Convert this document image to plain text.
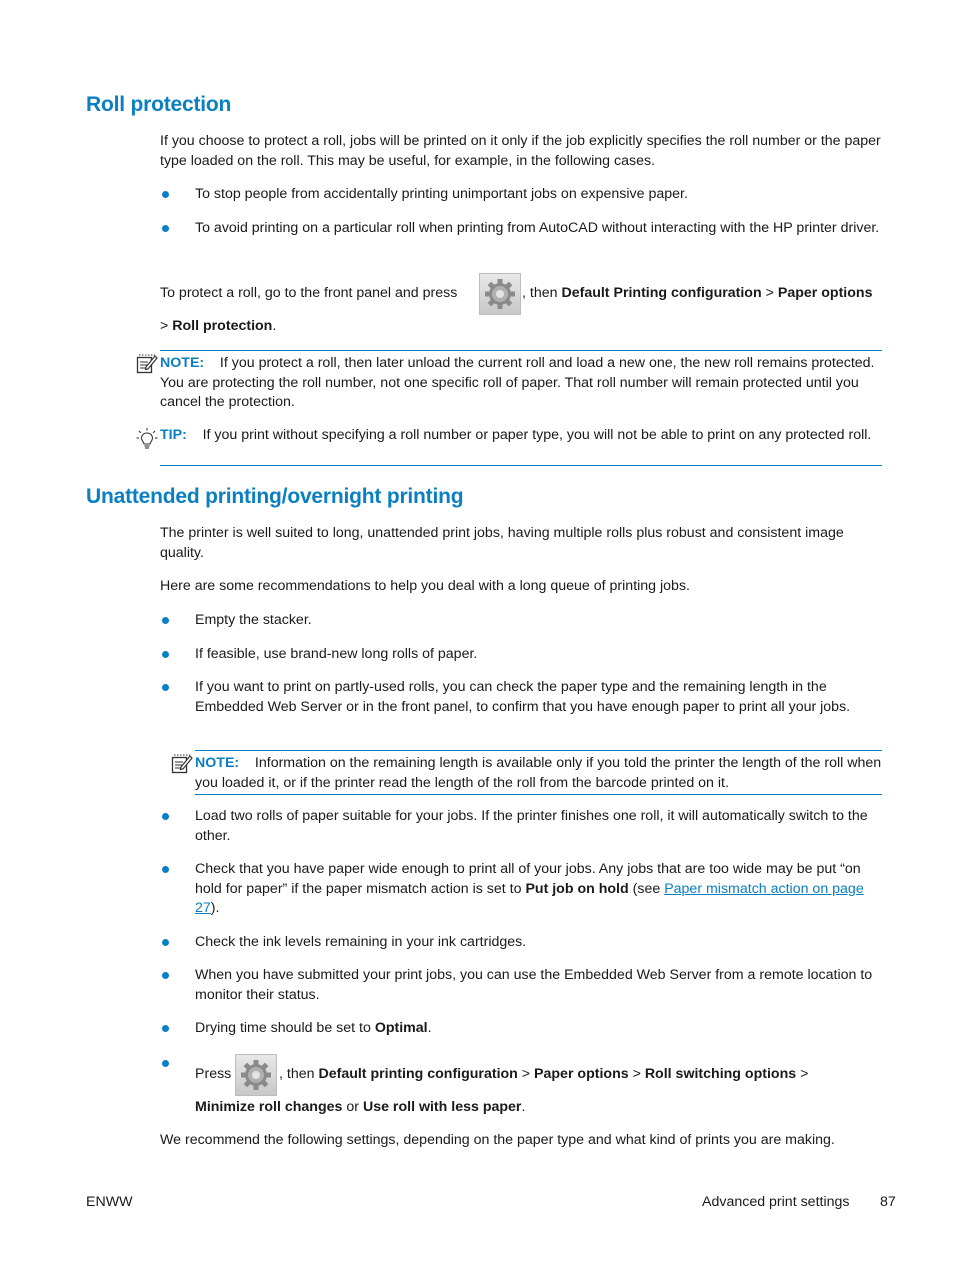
Roll protection

If you choose to protect a roll, jobs will be printed on it only if the job explicitly specifies the roll number or the paper type loaded on the roll. This may be useful, for example, in the following cases.

To stop people from accidentally printing unimportant jobs on expensive paper.

To avoid printing on a particular roll when printing from AutoCAD without interacting with the HP printer driver.

To protect a roll, go to the front panel and press	, then Default Printing configuration > Paper options
> Roll protection.

NOTE: If you protect a roll, then later unload the current roll and load a new one, the new roll remains protected. You are protecting the roll number, not one specific roll of paper. That roll number will remain protected until you cancel the protection.

TIP: If you print without specifying a roll number or paper type, you will not be able to print on any protected roll.

Unattended printing/overnight printing

The printer is well suited to long, unattended print jobs, having multiple rolls plus robust and consistent image quality.

Here are some recommendations to help you deal with a long queue of printing jobs.

Empty the stacker.

If feasible, use brand-new long rolls of paper.

If you want to print on partly-used rolls, you can check the paper type and the remaining length in the Embedded Web Server or in the front panel, to confirm that you have enough paper to print all your jobs.

NOTE: Information on the remaining length is available only if you told the printer the length of the roll when you loaded it, or if the printer read the length of the roll from the barcode printed on it.

Load two rolls of paper suitable for your jobs. If the printer finishes one roll, it will automatically switch to the other.

Check that you have paper wide enough to print all of your jobs. Any jobs that are too wide may be put “on hold for paper” if the paper mismatch action is set to Put job on hold (see Paper mismatch action on page 27).

Check the ink levels remaining in your ink cartridges.

When you have submitted your print jobs, you can use the Embedded Web Server from a remote location to monitor their status.

Drying time should be set to Optimal.

Press	, then Default printing configuration > Paper options > Roll switching options >
Minimize roll changes or Use roll with less paper.

We recommend the following settings, depending on the paper type and what kind of prints you are making.

ENWW	Advanced print settings 87
